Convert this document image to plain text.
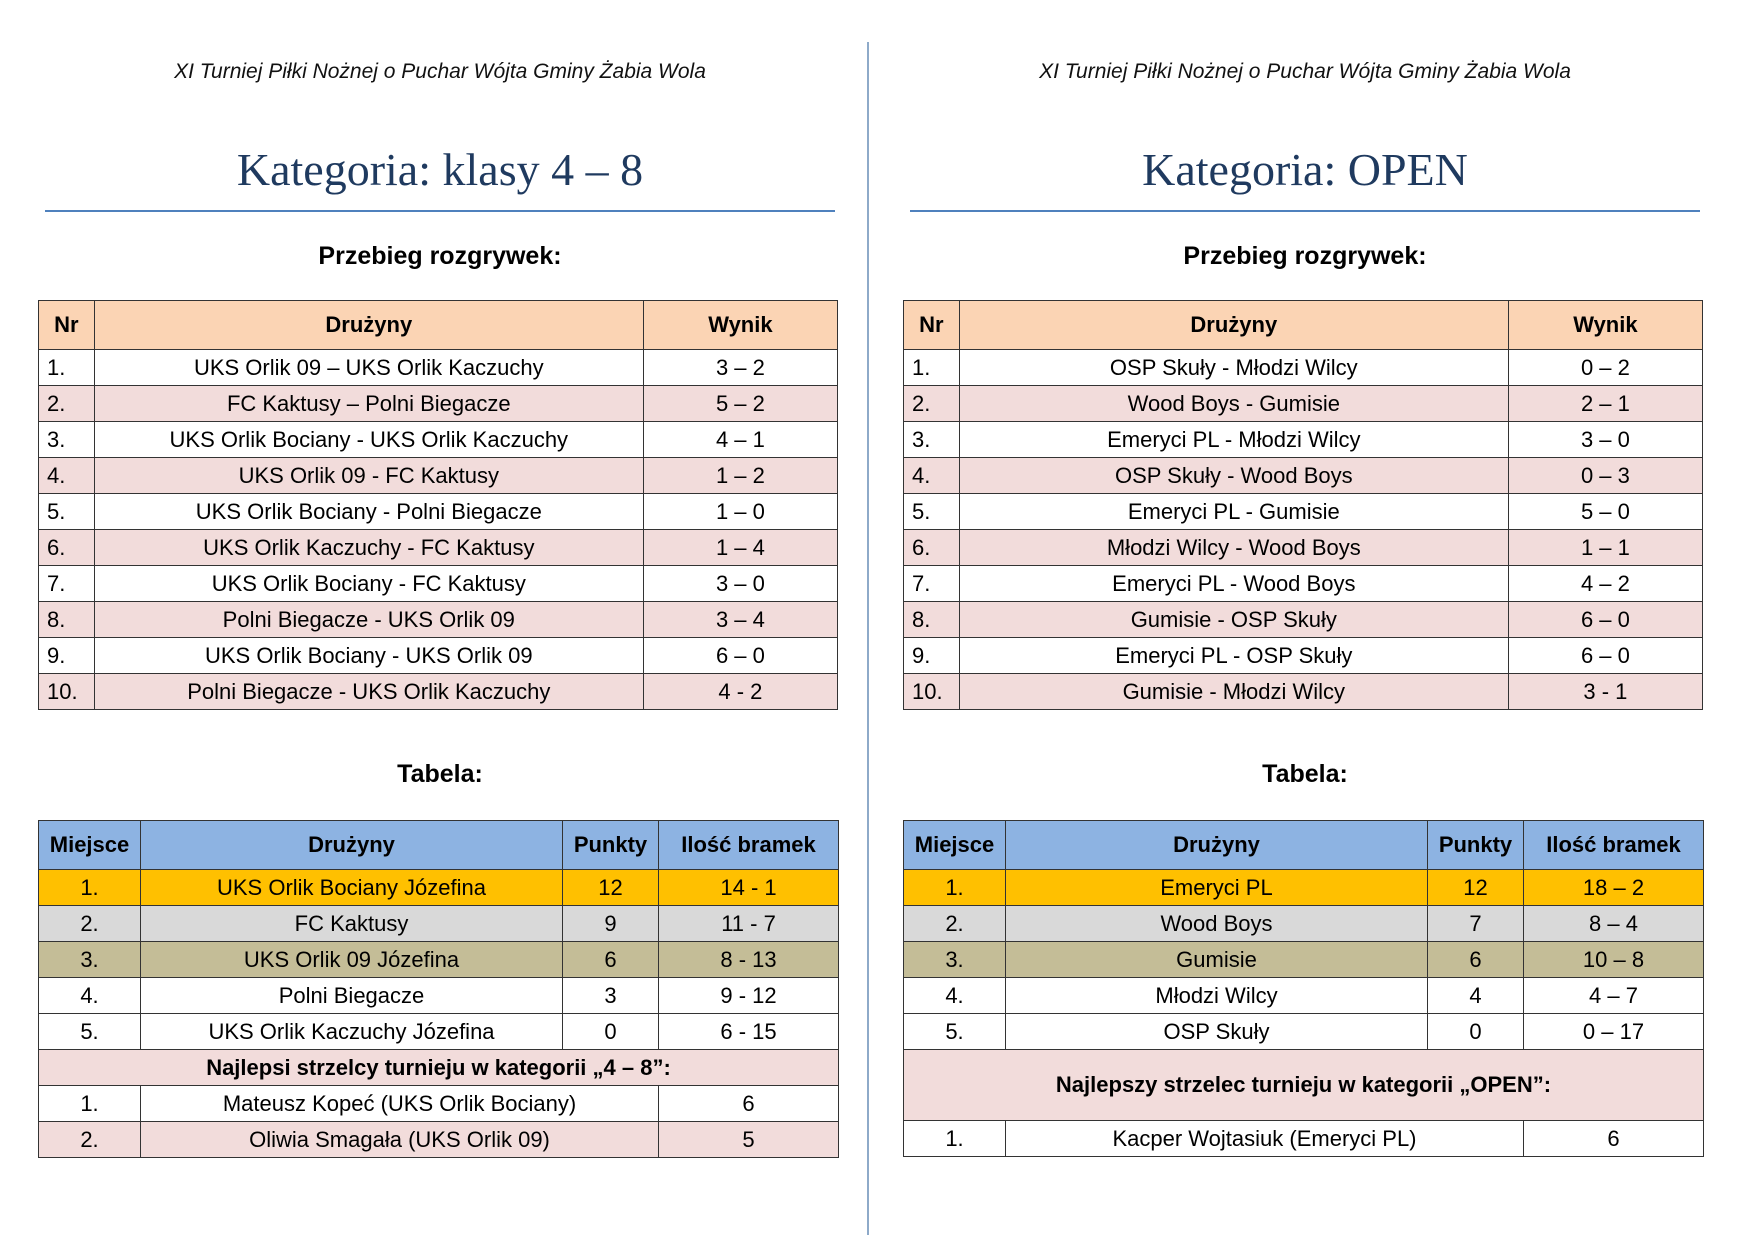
XI Turniej Piłki Nożnej o Puchar Wójta Gminy Żabia Wola
Kategoria: klasy 4 – 8
Przebieg rozgrywek:
Nr	Drużyny	Wynik
1.	UKS Orlik 09 – UKS Orlik Kaczuchy	3 – 2
2.	FC Kaktusy – Polni Biegacze	5 – 2
3.	UKS Orlik Bociany - UKS Orlik Kaczuchy	4 – 1
4.	UKS Orlik 09 - FC Kaktusy	1 – 2
5.	UKS Orlik Bociany - Polni Biegacze	1 – 0
6.	UKS Orlik Kaczuchy - FC Kaktusy	1 – 4
7.	UKS Orlik Bociany - FC Kaktusy	3 – 0
8.	Polni Biegacze - UKS Orlik 09	3 – 4
9.	UKS Orlik Bociany - UKS Orlik 09	6 – 0
10.	Polni Biegacze - UKS Orlik Kaczuchy	4 - 2
Tabela:
Miejsce	Drużyny	Punkty	Ilość bramek
1.	UKS Orlik Bociany Józefina	12	14 - 1
2.	FC Kaktusy	9	11 - 7
3.	UKS Orlik 09 Józefina	6	8 - 13
4.	Polni Biegacze	3	9 - 12
5.	UKS Orlik Kaczuchy Józefina	0	6 - 15
Najlepsi strzelcy turnieju w kategorii „4 – 8”:			
1.	Mateusz Kopeć (UKS Orlik Bociany)		6
2.	Oliwia Smagała (UKS Orlik 09)		5
XI Turniej Piłki Nożnej o Puchar Wójta Gminy Żabia Wola
Kategoria: OPEN
Przebieg rozgrywek:
Nr	Drużyny	Wynik
1.	OSP Skuły - Młodzi Wilcy	0 – 2
2.	Wood Boys - Gumisie	2 – 1
3.	Emeryci PL - Młodzi Wilcy	3 – 0
4.	OSP Skuły - Wood Boys	0 – 3
5.	Emeryci PL - Gumisie	5 – 0
6.	Młodzi Wilcy - Wood Boys	1 – 1
7.	Emeryci PL - Wood Boys	4 – 2
8.	Gumisie - OSP Skuły	6 – 0
9.	Emeryci PL - OSP Skuły	6 – 0
10.	Gumisie - Młodzi Wilcy	3 - 1
Tabela:
Miejsce	Drużyny	Punkty	Ilość bramek
1.	Emeryci PL	12	18 – 2
2.	Wood Boys	7	8 – 4
3.	Gumisie	6	10 – 8
4.	Młodzi Wilcy	4	4 – 7
5.	OSP Skuły	0	0 – 17
Najlepszy strzelec turnieju w kategorii „OPEN”:			
1.	Kacper Wojtasiuk (Emeryci PL)		6
